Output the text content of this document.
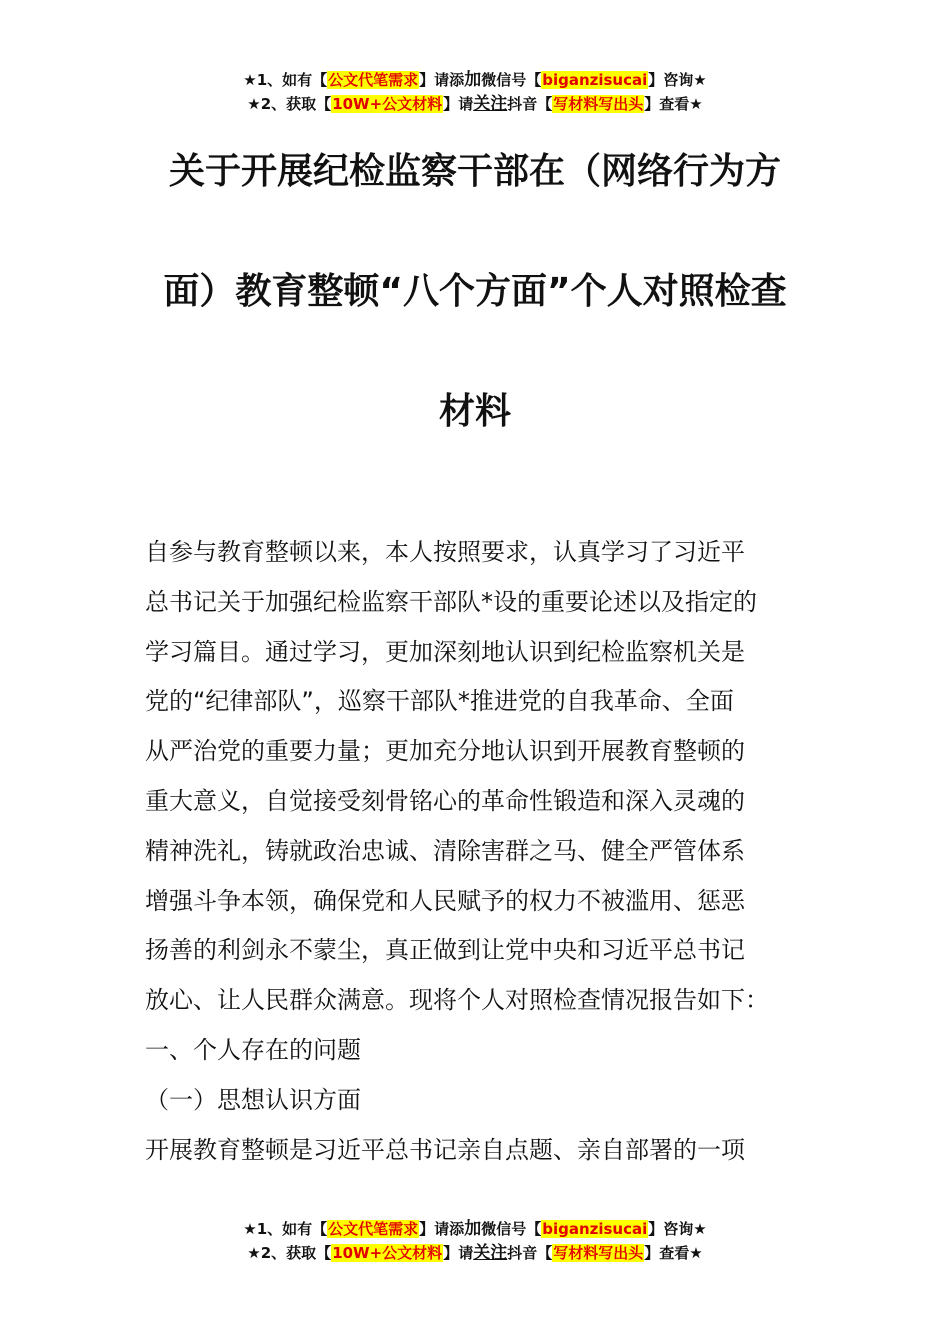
★1、如有【公文代笔需求】请添加微信号【biganzisucai】咨询★
★2、获取【10W+公文材料】请关注抖音【写材料写出头】查看★
关于开展纪检监察干部在（网络行为方
面）教育整顿“八个方面”个人对照检查
材料
自参与教育整顿以来，本人按照要求，认真学习了习近平
总书记关于加强纪检监察干部队*设的重要论述以及指定的
学习篇目。通过学习，更加深刻地认识到纪检监察机关是
党的“纪律部队”，巡察干部队*推进党的自我革命、全面
从严治党的重要力量；更加充分地认识到开展教育整顿的
重大意义，自觉接受刻骨铭心的革命性锻造和深入灵魂的
精神洗礼，铸就政治忠诚、清除害群之马、健全严管体系
增强斗争本领，确保党和人民赋予的权力不被滥用、惩恶
扬善的利剑永不蒙尘，真正做到让党中央和习近平总书记
放心、让人民群众满意。现将个人对照检查情况报告如下：
一、个人存在的问题
（一）思想认识方面
开展教育整顿是习近平总书记亲自点题、亲自部署的一项
★1、如有【公文代笔需求】请添加微信号【biganzisucai】咨询★
★2、获取【10W+公文材料】请关注抖音【写材料写出头】查看★
